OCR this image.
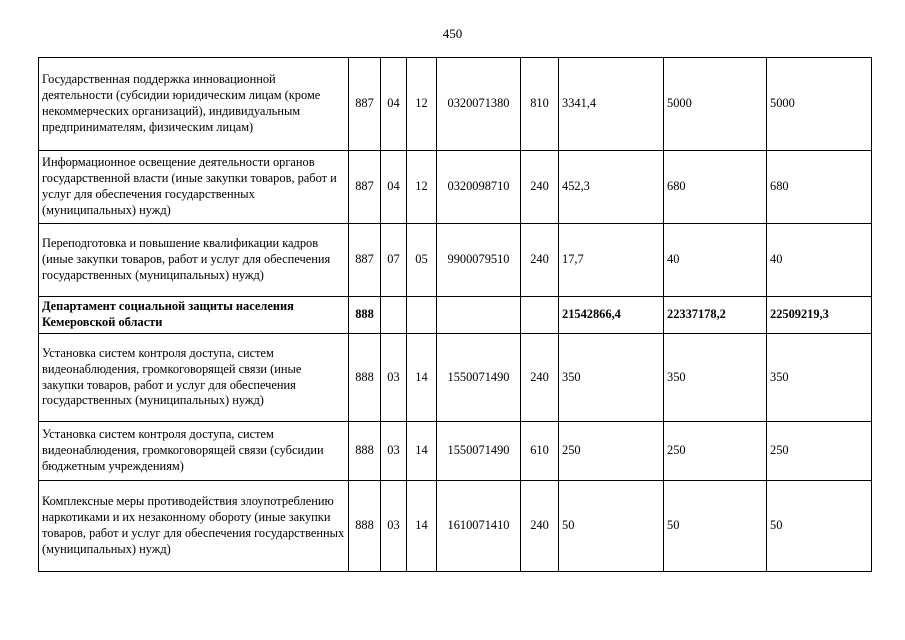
450
Государственная поддержка инновационной деятельности (субсидии юридическим лицам (кроме некоммерческих организаций), индивидуальным предпринимателям, физическим лицам)	887	04	12	0320071380	810	3341,4	5000	5000
Информационное освещение деятельности органов государственной власти (иные закупки товаров, работ и услуг для обеспечения государственных (муниципальных) нужд)	887	04	12	0320098710	240	452,3	680	680
Переподготовка и повышение квалификации кадров (иные закупки товаров, работ и услуг для обеспечения государственных (муниципальных) нужд)	887	07	05	9900079510	240	17,7	40	40
Департамент социальной защиты населения Кемеровской области	888					21542866,4	22337178,2	22509219,3
Установка систем контроля доступа, систем видеонаблюдения, громкоговорящей связи (иные закупки товаров, работ и услуг для обеспечения государственных (муниципальных) нужд)	888	03	14	1550071490	240	350	350	350
Установка систем контроля доступа, систем видеонаблюдения, громкоговорящей связи (субсидии бюджетным учреждениям)	888	03	14	1550071490	610	250	250	250
Комплексные меры противодействия злоупотреблению наркотиками и их незаконному обороту (иные закупки товаров, работ и услуг для обеспечения государственных (муниципальных) нужд)	888	03	14	1610071410	240	50	50	50
